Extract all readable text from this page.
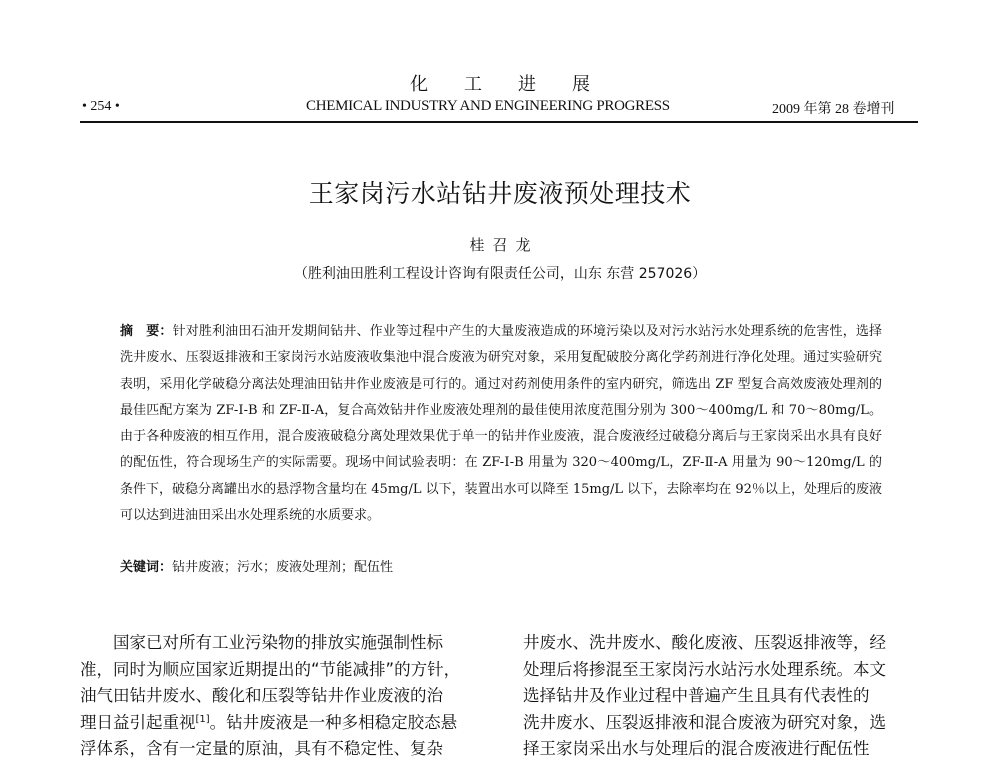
化工进展
• 254 •	CHEMICAL INDUSTRY AND ENGINEERING PROGRESS	2009 年第 28 卷增刊
王家岗污水站钻井废液预处理技术
桂召龙
（胜利油田胜利工程设计咨询有限责任公司，山东 东营 257026）
摘　要：针对胜利油田石油开发期间钻井、作业等过程中产生的大量废液造成的环境污染以及对污水站污水处理系统的危害性，选择洗井废水、压裂返排液和王家岗污水站废液收集池中混合废液为研究对象，采用复配破胶分离化学药剂进行净化处理。通过实验研究表明，采用化学破稳分离法处理油田钻井作业废液是可行的。通过对药剂使用条件的室内研究，筛选出 ZF 型复合高效废液处理剂的最佳匹配方案为 ZF-Ⅰ-B 和 ZF-Ⅱ-A，复合高效钻井作业废液处理剂的最佳使用浓度范围分别为 300～400mg/L 和 70～80mg/L。由于各种废液的相互作用，混合废液破稳分离处理效果优于单一的钻井作业废液，混合废液经过破稳分离后与王家岗采出水具有良好的配伍性，符合现场生产的实际需要。现场中间试验表明：在 ZF-Ⅰ-B 用量为 320～400mg/L，ZF-Ⅱ-A 用量为 90～120mg/L 的条件下，破稳分离罐出水的悬浮物含量均在 45mg/L 以下，装置出水可以降至 15mg/L 以下，去除率均在 92％以上，处理后的废液可以达到进油田采出水处理系统的水质要求。
关键词：钻井废液；污水；废液处理剂；配伍性
国家已对所有工业污染物的排放实施强制性标
准，同时为顺应国家近期提出的“节能减排”的方针，
油气田钻井废水、酸化和压裂等钻井作业废液的治
理日益引起重视[1]。钻井废液是一种多相稳定胶态悬
浮体系，含有一定量的原油，具有不稳定性、复杂
井废水、洗井废水、酸化废液、压裂返排液等，经
处理后将掺混至王家岗污水站污水处理系统。本文
选择钻井及作业过程中普遍产生且具有代表性的
洗井废水、压裂返排液和混合废液为研究对象，选
择王家岗采出水与处理后的混合废液进行配伍性
